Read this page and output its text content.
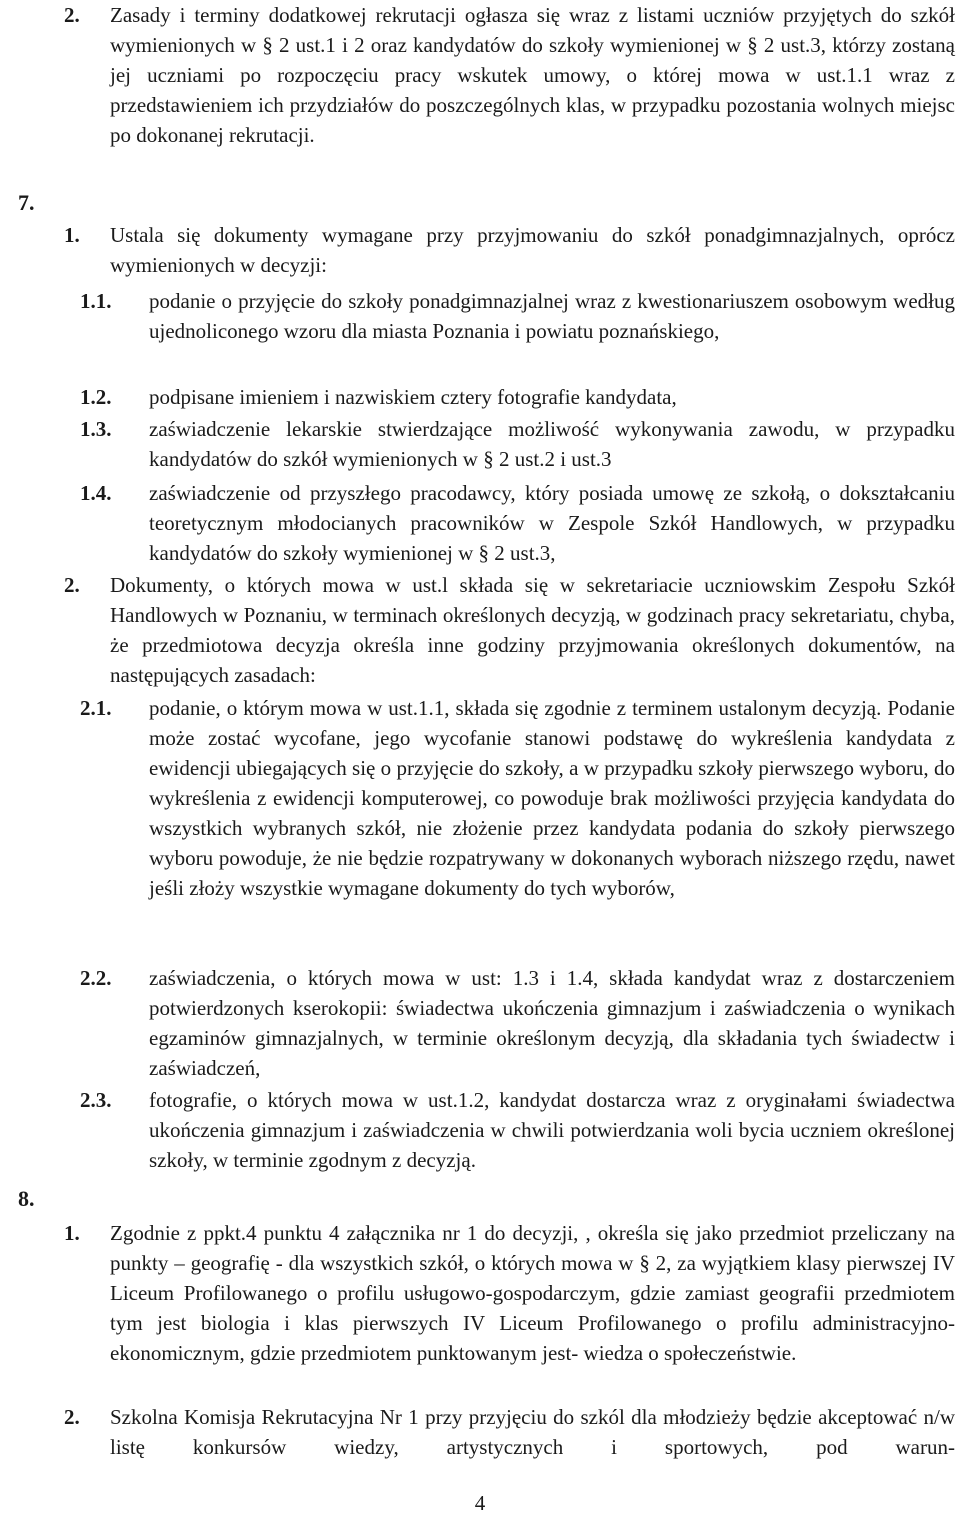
2. Zasady i terminy dodatkowej rekrutacji ogłasza się wraz z listami uczniów przyjętych do szkół wymienionych w § 2 ust.1 i 2 oraz kandydatów do szkoły wymienionej w § 2 ust.3, którzy zostaną jej uczniami po rozpoczęciu pracy wskutek umowy, o której mowa w ust.1.1 wraz z przedstawieniem ich przydziałów do poszczególnych klas, w przypadku pozostania wolnych miejsc po dokonanej rekrutacji.
7.
1. Ustala się dokumenty wymagane przy przyjmowaniu do szkół ponadgimnazjalnych, oprócz wymienionych w decyzji:
1.1. podanie o przyjęcie do szkoły ponadgimnazjalnej wraz z kwestionariuszem osobowym według ujednoliconego wzoru dla miasta Poznania i powiatu poznańskiego,
1.2. podpisane imieniem i nazwiskiem cztery fotografie kandydata,
1.3. zaświadczenie lekarskie stwierdzające możliwość wykonywania zawodu, w przypadku kandydatów do szkół wymienionych w § 2 ust.2 i ust.3
1.4. zaświadczenie od przyszłego pracodawcy, który posiada umowę ze szkołą, o dokształcaniu teoretycznym młodocianych pracowników w Zespole Szkół Handlowych, w przypadku kandydatów do szkoły wymienionej w § 2 ust.3,
2. Dokumenty, o których mowa w ust.l składa się w sekretariacie uczniowskim Zespołu Szkół Handlowych w Poznaniu, w terminach określonych decyzją, w godzinach pracy sekretariatu, chyba, że przedmiotowa decyzja określa inne godziny przyjmowania określonych dokumentów, na następujących zasadach:
2.1. podanie, o którym mowa w ust.1.1, składa się zgodnie z terminem ustalonym decyzją. Podanie może zostać wycofane, jego wycofanie stanowi podstawę do wykreślenia kandydata z ewidencji ubiegających się o przyjęcie do szkoły, a w przypadku szkoły pierwszego wyboru, do wykreślenia z ewidencji komputerowej, co powoduje brak możliwości przyjęcia kandydata do wszystkich wybranych szkół, nie złożenie przez kandydata podania do szkoły pierwszego wyboru powoduje, że nie będzie rozpatrywany w dokonanych wyborach niższego rzędu, nawet jeśli złoży wszystkie wymagane dokumenty do tych wyborów,
2.2. zaświadczenia, o których mowa w ust: 1.3 i 1.4, składa kandydat wraz z dostarczeniem potwierdzonych kserokopii: świadectwa ukończenia gimnazjum i zaświadczenia o wynikach egzaminów gimnazjalnych, w terminie określonym decyzją, dla składania tych świadectw i zaświadczeń,
2.3. fotografie, o których mowa w ust.1.2, kandydat dostarcza wraz z oryginałami świadectwa ukończenia gimnazjum i zaświadczenia w chwili potwierdzania woli bycia uczniem określonej szkoły, w terminie zgodnym z decyzją.
8.
1. Zgodnie z ppkt.4 punktu 4 załącznika nr 1 do decyzji, , określa się jako przedmiot przeliczany na punkty – geografię - dla wszystkich szkół, o których mowa w § 2, za wyjątkiem klasy pierwszej IV Liceum Profilowanego o profilu usługowo-gospodarczym, gdzie zamiast geografii przedmiotem tym jest biologia i klas pierwszych IV Liceum Profilowanego o profilu administracyjno-ekonomicznym, gdzie przedmiotem punktowanym jest- wiedza o społeczeństwie.
2. Szkolna Komisja Rekrutacyjna Nr 1 przy przyjęciu do szkól dla młodzieży będzie akceptować n/w listę konkursów wiedzy, artystycznych i sportowych, pod warun-
4
